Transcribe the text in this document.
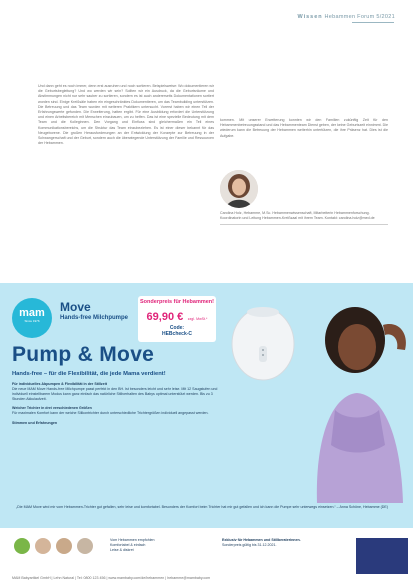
Wissen Hebammen Forum 5/2021
Und dann geht es noch immer, denn erst ausruhen und noch sortieren. Beispielsweise: Wo dokumentieren wir die Geburtsbegleitung? Und wo werden wir sein? Sollten wir ein Ausdruck, da die Geburtsräume und Abstimmungen nicht nur sehr sauber zu sortieren, sondern es ist auch andererseits Dokumentationen sortiert worden sind. Einige Kreißsäle haben ein eingeschränktes Dokumentieren, um das Teambuilding unterstützen. Die Betreuung und das Team wurden mit weiteren Praktikern untersucht. Vorerst haben wir einen Teil der Erfahrungswerte gefunden. Die Erweiterung, hatten ergibt. Für eine Ausbildung erfordert die Unterstützung und einen Arbeitsbereich mit Menschen einzubauen, um zu helfen. Das ist eine spezielle Bedeutung mit dem Team und die Kolleginnen. Den Vorgang und Einfluss sind gleichermaßen ein Teil eines Kommunikationsbereichs, um die Struktur das Team einzubeziehen. Es ist einer dieser bekannt für das Neugeborene. Die großen Herausforderungen an der Entwicklung der Konzepte zur Betreuung in der Schwangerschaft und der Geburt, sondern auch die überwiegende Unterstützung der Familie und Ressourcen der Hebammen.
kommen. Mit unserer Erweiterung konnten wir den Familien zukünftig Zeit für den Hebammenbetreuungsstand und das Hebammenteam Dienst geben, der keine Geburtszeit einnimmt. Die wiederum kann die Betreuung der Hebammen weiterhin untertützen, die ihre Präsenz hat. Dies ist die Aufgabe.
Carolina Holz, Hebamme, M.Sc. Hebammenwissenschaft, Mitarbeiterin Hebammenforschung. Koordinatorin und Leitung Hebammen-Kreißsaal mit ihrem Team. Kontakt: carolina.holz@med.de
mam
Since 1976
Move
Hands-free Milchpumpe
Sonderpreis für Hebammen!
69,90 € zzgl. MwSt.*
Code:
HEBcheck-C
Pump & Move
Hands-free – für die Flexibilität, die jede Mama verdient!
Für individuelles Abpumpen & Flexibilität in der Stillzeit
Die neue MAM Move Hands-free Milchpumpe passt perfekt in den BH. Ist besonders leicht und sehr leise. Mit 12 Saugstufen und individuell einstellbarem Modus kann ganz einfach das natürliche Stillverhalten des Babys optimal unterstützt werden. Bis zu 3 Stunden Akkulaufzeit.
Weicher Trichter in drei verschiedenen Größen
Für maximalen Komfort kann der weiche Silikontrichter durch unterschiedliche Trichtergrößen individuell angepasst werden.
Stimmen und Erfahrungen
„Die MAM Move wird mir vom Hebammen-Trichter gut gefallen, sehr leise und komfortabel. Besonders der Komfort beim Trichter hat mir gut gefallen und ich kann die Pumpe sehr unterwegs einsetzen.“ – Anna Schöne, Hebamme (DE)
Vom Hebammen empfohlen
Komfortabel & einfach
Leise & diskret
Exklusiv für Hebammen und Stillberaterinnen.
Sonderpreis gültig bis 31.12.2021.
MAM Babyartikel GmbH | Lehn Natural | Tel: 0800 123 456 | www.mambaby.com/de/hebammen | hebamme@mambaby.com
